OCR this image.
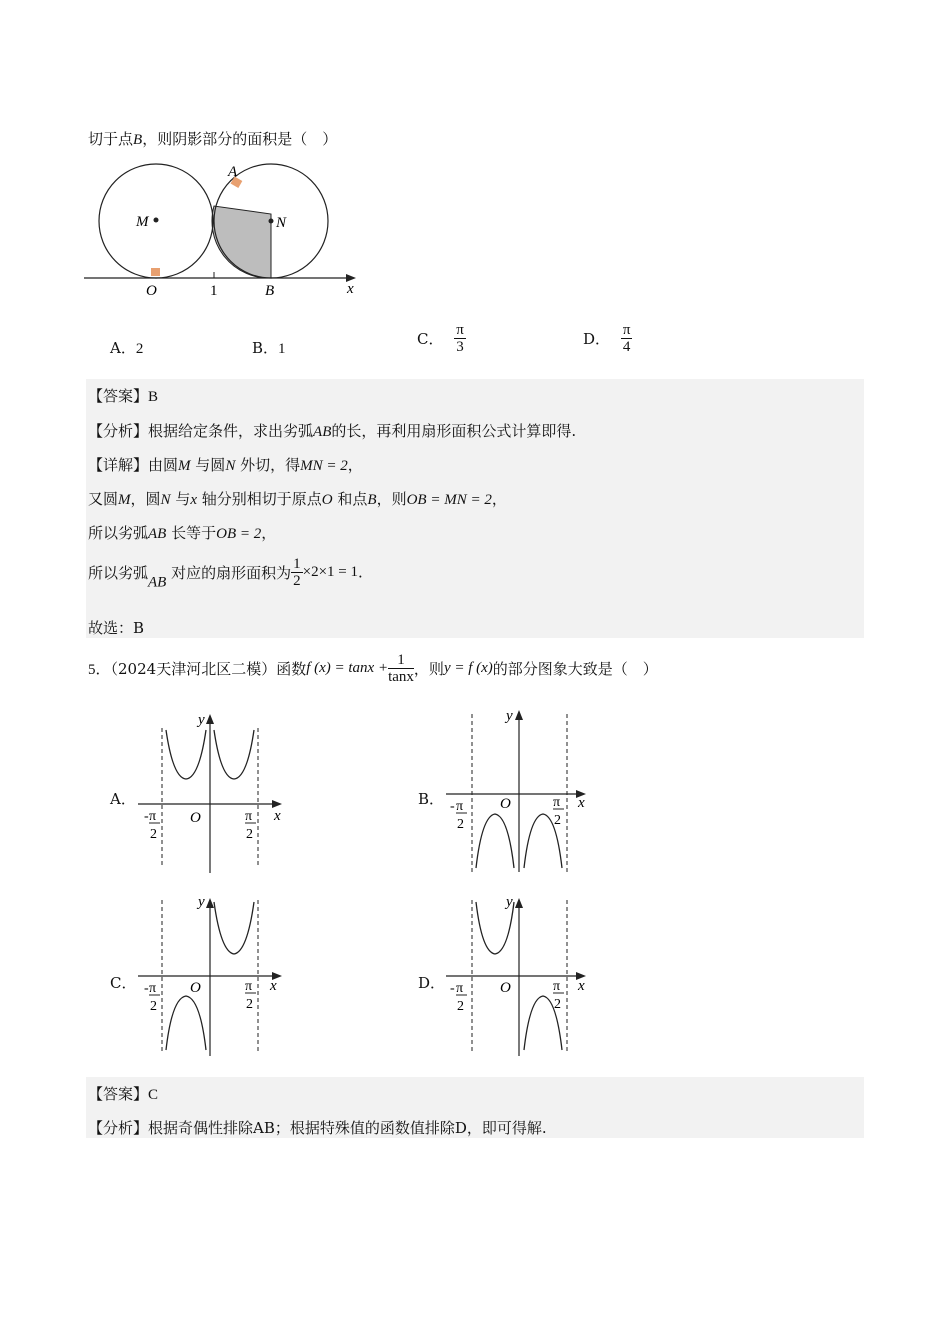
切于点B，则阴影部分的面积是（　）
A
M	N
O	1	B	x
A．2	B．1
C． $\frac{\pi}{3}$	D． $\frac{\pi}{4}$
【答案】B
【分析】根据给定条件，求出劣弧AB的长，再利用扇形面积公式计算即得.
【详解】由圆M 与圆N 外切，得MN = 2，
又圆M，圆N 与x 轴分别相切于原点O 和点B，则OB = MN = 2，
所以劣弧AB 长等于OB = 2，
所以劣弧AB 对应的扇形面积为 $\frac{1}{2} \times 2\times 1 = 1$.
故选：B
5．（2024天津河北区二模）函数f $(x) = \tan x + \frac{1}{\tan x}$ ，则y = f (x)的部分图象大致是（　）
A．	B．
C．	D．
y
x
O
- π
2
π
2
y
x
O
- π
2
π
2
y
x
O
- π
2
π
2
y
x
O
- π
2
π
2
【答案】C
【分析】根据奇偶性排除AB；根据特殊值的函数值排除D，即可得解.
